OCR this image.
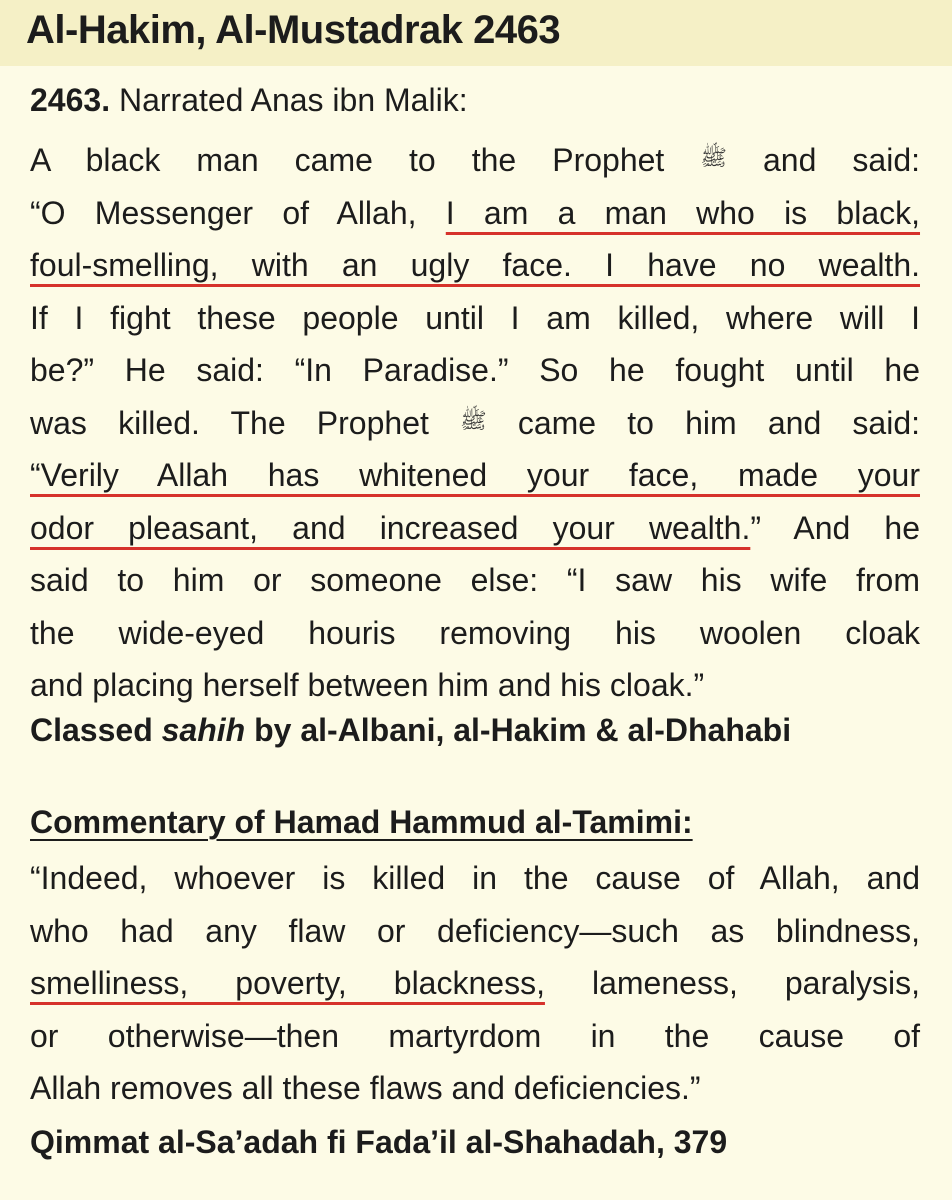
Al-Hakim, Al-Mustadrak 2463
2463. Narrated Anas ibn Malik:
A black man came to the Prophet ﷺ and said:
“O Messenger of Allah, I am a man who is black,
foul-smelling, with an ugly face. I have no wealth.
If I fight these people until I am killed, where will I
be?” He said: “In Paradise.” So he fought until he
was killed. The Prophet ﷺ came to him and said:
“Verily Allah has whitened your face, made your
odor pleasant, and increased your wealth.” And he
said to him or someone else: “I saw his wife from
the wide-eyed houris removing his woolen cloak
and placing herself between him and his cloak.”
Classed sahih by al-Albani, al-Hakim & al-Dhahabi
Commentary of Hamad Hammud al-Tamimi:
“Indeed, whoever is killed in the cause of Allah, and
who had any flaw or deficiency—such as blindness,
smelliness, poverty, blackness, lameness, paralysis,
or otherwise—then martyrdom in the cause of
Allah removes all these flaws and deficiencies.”
Qimmat al-Sa’adah fi Fada’il al-Shahadah, 379
